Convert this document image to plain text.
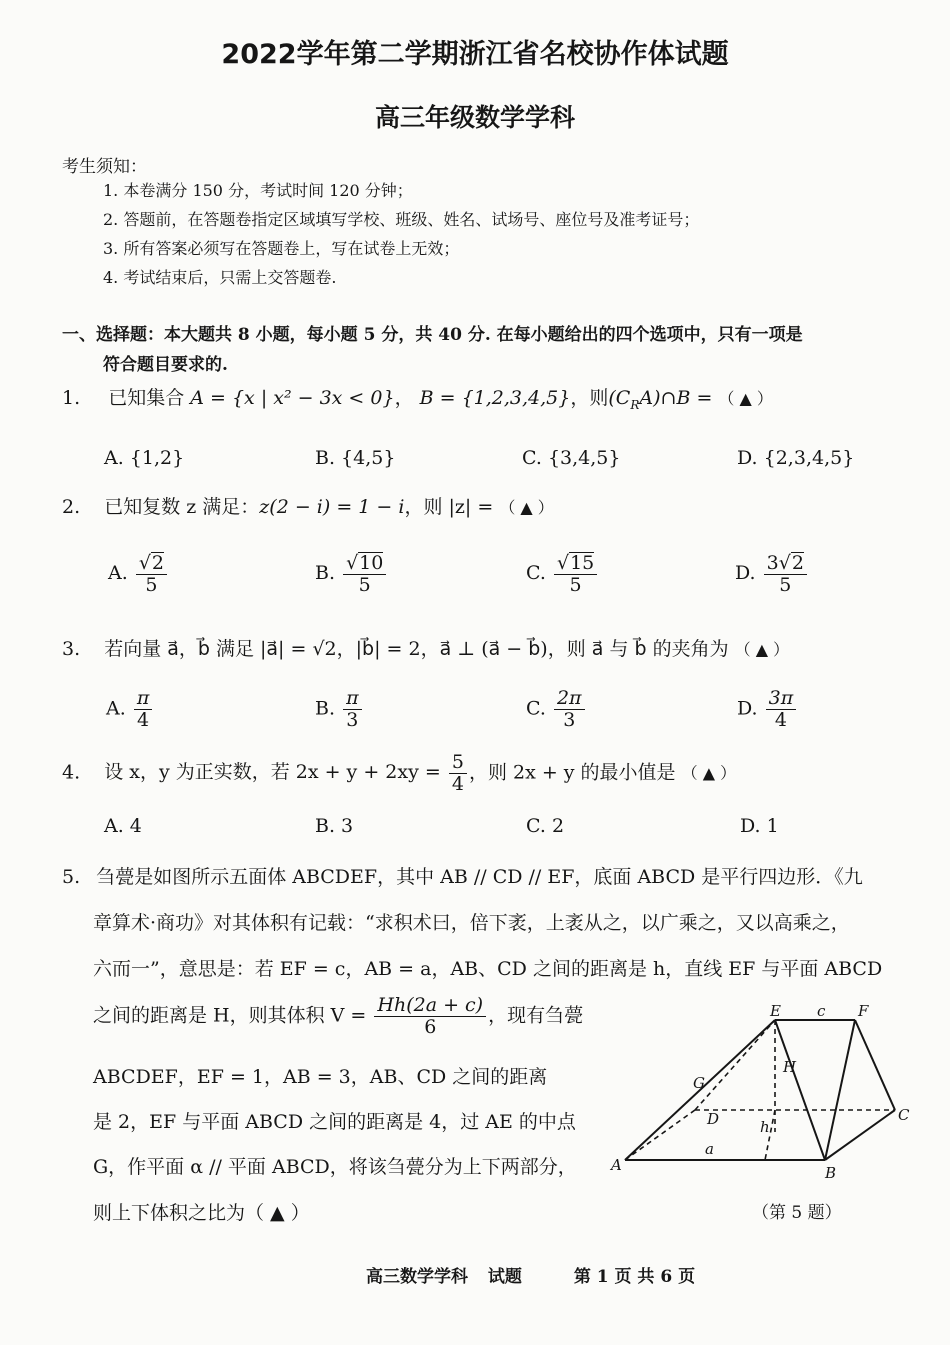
2022学年第二学期浙江省名校协作体试题
高三年级数学学科
考生须知：
1. 本卷满分 150 分，考试时间 120 分钟；
2. 答题前，在答题卷指定区域填写学校、班级、姓名、试场号、座位号及准考证号；
3. 所有答案必须写在答题卷上，写在试卷上无效；
4. 考试结束后，只需上交答题卷.
一、选择题：本大题共 8 小题，每小题 5 分，共 40 分. 在每小题给出的四个选项中，只有一项是
符合题目要求的.
1. 已知集合 A = {x | x² − 3x < 0}， B = {1,2,3,4,5}，则$(C_RA)\cap B$ = （ ▲ ）
A. {1,2}	B. {4,5}	C. {3,4,5}	D. {2,3,4,5}
2. 已知复数 z 满足：z(2 − i) = 1 − i，则 |z| = （ ▲ ）
A. $\frac{√2}{5}$	B. $\frac{√10}{5}$	C. $\frac{√15}{5}$	D. $\frac{3√2}{5}$
3. 若向量 a⃗，b⃗ 满足 |a⃗| = √2，|b⃗| = 2，a⃗ ⊥ (a⃗ − b⃗)，则 a⃗ 与 b⃗ 的夹角为 （ ▲ ）
A. $\frac{\pi}{4}$	B. $\frac{\pi}{3}$	C. $\frac{2\pi}{3}$	D. $\frac{3\pi}{4}$
4. 设 x，y 为正实数，若 $2x + y + 2xy = \frac{5}{4}$ ，则 2x + y 的最小值是 （ ▲ ）
A. 4	B. 3	C. 2	D. 1
5. 刍甍是如图所示五面体 ABCDEF，其中 AB // CD // EF，底面 ABCD 是平行四边形．《九
章算术·商功》对其体积有记载：“求积术曰，倍下袤，上袤从之，以广乘之，又以高乘之，
六而一”，意思是：若 EF = c，AB = a，AB、CD 之间的距离是 h，直线 EF 与平面 ABCD
之间的距离是 H，则其体积 $V = \frac{Hh(2a + c)}{6}$ ，现有刍甍
ABCDEF，EF = 1，AB = 3，AB、CD 之间的距离
是 2，EF 与平面 ABCD 之间的距离是 4，过 AE 的中点
G，作平面 α // 平面 ABCD，将该刍甍分为上下两部分，
则上下体积之比为（ ▲ ）
E	F
c
H
G
D	h
C
A
a
B
（第 5 题）
高三数学学科 试题	第 1 页 共 6 页
